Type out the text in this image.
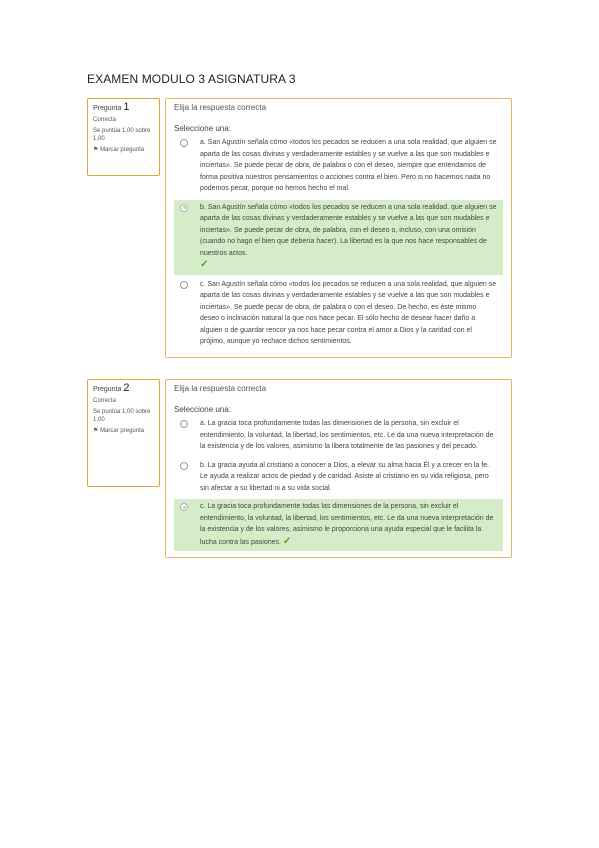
EXAMEN MODULO 3 ASIGNATURA 3
Pregunta 1
Correcta
Se puntúa 1,00 sobre 1,00
⚑ Marcar pregunta
Elija la respuesta correcta
Seleccione una:
a. San Agustín señala cómo «todos los pecados se reducen a una sola realidad, que alguien se aparta de las cosas divinas y verdaderamente estables y se vuelve a las que son mudables e inciertas». Se puede pecar de obra, de palabra o con el deseo, siempre que entendamos de forma positiva nuestros pensamientos o acciones contra el bien. Pero si no hacemos nada no podemos pecar, porque no hemos hecho el mal.
b. San Agustín señala cómo «todos los pecados se reducen a una sola realidad, que alguien se aparta de las cosas divinas y verdaderamente estables y se vuelve a las que son mudables e inciertas». Se puede pecar de obra, de palabra, con el deseo o, incluso, con una omisión (cuando no hago el bien que debería hacer). La libertad es la que nos hace responsables de nuestros actos.
✓
c. San Agustín señala cómo «todos los pecados se reducen a una sola realidad, que alguien se aparta de las cosas divinas y verdaderamente estables y se vuelve a las que son mudables e inciertas». Se puede pecar de obra, de palabra o con el deseo. De hecho, es éste mismo deseo o inclinación natural la que nos hace pecar. El sólo hecho de desear hacer daño a alguien o de guardar rencor ya nos hace pecar contra el amor a Dios y la caridad con el prójimo, aunque yo rechace dichos sentimientos.
Pregunta 2
Correcta
Se puntúa 1,00 sobre 1,00
⚑ Marcar pregunta
Elija la respuesta correcta
Seleccione una:
a. La gracia toca profundamente todas las dimensiones de la persona, sin excluir el entendimiento, la voluntad, la libertad, los sentimientos, etc. Le da una nueva interpretación de la existencia y de los valores, asimismo la libera totalmente de las pasiones y del pecado.
b. La gracia ayuda al cristiano a conocer a Dios, a elevar su alma hacia Él y a crecer en la fe. Le ayuda a realizar actos de piedad y de caridad. Asiste al cristiano en su vida religiosa, pero sin afectar a su libertad ni a su vida social.
c. La gracia toca profundamente todas las dimensiones de la persona, sin excluir el entendimiento, la voluntad, la libertad, los sentimientos, etc. Le da una nueva interpretación de la existencia y de los valores, asimismo le proporciona una ayuda especial que le facilita la lucha contra las pasiones. ✓
